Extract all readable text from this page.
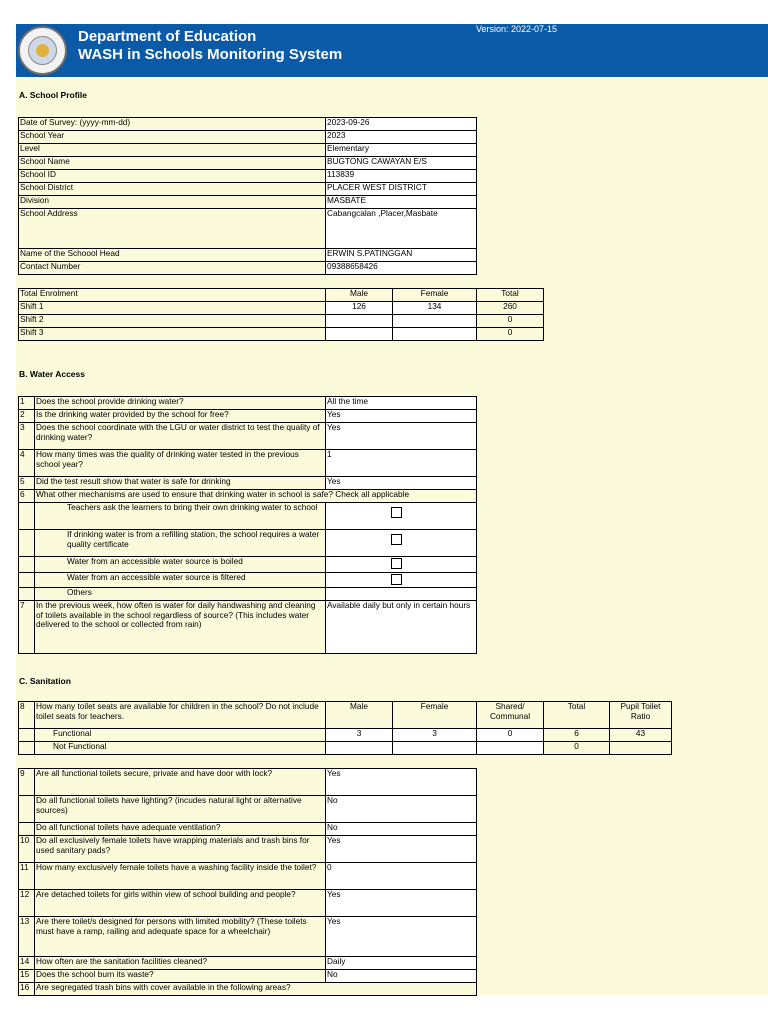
Department of Education
WASH in Schools Monitoring System
Version: 2022-07-15
A. School Profile
Date of Survey: (yyyy-mm-dd)	2023-09-26
School Year	2023
Level	Elementary
School Name	BUGTONG CAWAYAN E/S
School ID	113839
School District	PLACER WEST DISTRICT
Division	MASBATE
School Address	Cabangcalan ,Placer,Masbate
Name of the Schoool Head	ERWIN S.PATINGGAN
Contact Number	09388658426
Total Enrolment	Male	Female	Total
Shift 1	126	134	260
Shift 2			0
Shift 3			0
B. Water Access
1	Does the school provide drinking water?	All the time
2	Is the drinking water provided by the school for free?	Yes
3	Does the school coordinate with the LGU or water district to test the quality of drinking water?	Yes
4	How many times was the quality of drinking water tested in the previous school year?	1
5	Did the test result show that water is safe for drinking	Yes
6	What other mechanisms are used to ensure that drinking water in school is safe? Check all applicable	
	Teachers ask the learners to bring their own drinking water to school	
	If drinking water is from a refilling station, the school requires a water quality certificate	
	Water from an accessible water source is boiled	
	Water from an accessible water source is filtered	
	Others	
7	In the previous week, how often is water for daily handwashing and cleaning of toilets available in the school regardless of source? (This includes water delivered to the school or collected from rain)	Available daily but only in certain hours
C. Sanitation
8	How many toilet seats are available for children in the school? Do not include toilet seats for teachers.	Male	Female	Shared/ Communal	Total	Pupil Toilet Ratio
	Functional	3	3	0	6	43
	Not Functional				0	
9	Are all functional toilets secure, private and have door with lock?	Yes
	Do all functional toilets have lighting? (incudes natural light or alternative sources)	No
	Do all functional toilets have adequate ventilation?	No
10	Do all exclusively female toilets have wrapping materials and trash bins for used sanitary pads?	Yes
11	How many exclusively female toilets have a washing facility inside the toilet?	0
12	Are detached toilets for girls within view of school building and people?	Yes
13	Are there toilet/s designed for persons with limited mobility? (These toilets must have a ramp, railing and adequate space for a wheelchair)	Yes
14	How often are the sanitation facilities cleaned?	Daily
15	Does the school burn its waste?	No
16	Are segregated trash bins with cover available in the following areas?	
